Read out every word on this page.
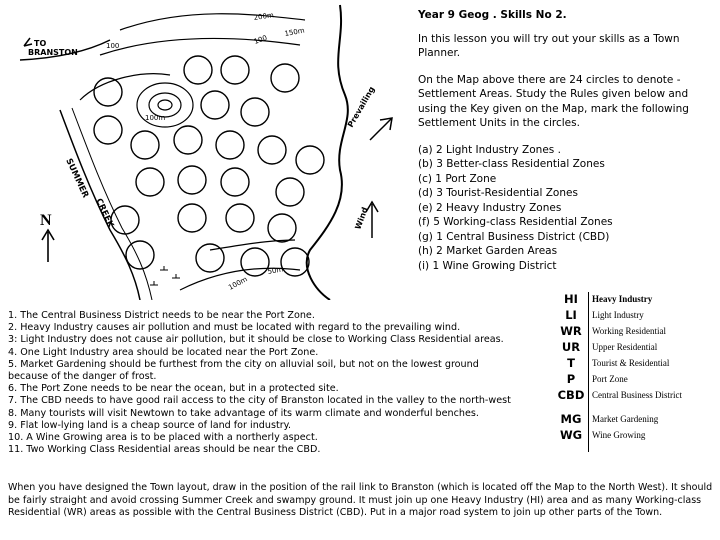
TO
BRANSTON
200m
150m
100
100
100m
100m
50m
Prevailing
Wind
SUMMER
CREEK
N
Year 9 Geog . Skills No 2.

In this lesson you will try out your skills as a Town Planner.

On the Map above there are 24 circles to denote -Settlement Areas. Study the Rules given below and using the Key given on the Map, mark the following Settlement Units in the circles.

(a) 2 Light Industry Zones .
(b) 3 Better-class Residential Zones
(c) 1 Port Zone
(d) 3 Tourist-Residential Zones
(e) 2 Heavy Industry Zones
(f) 5 Working-class Residential Zones
(g) 1 Central Business District (CBD)
(h) 2 Market Garden Areas
(i) 1 Wine Growing District
1. The Central Business District needs to be near the Port Zone.
2. Heavy Industry causes air pollution and must be located with regard to the prevailing wind.
3: Light Industry does not cause air pollution, but it should be close to Working Class Residential areas.
4. One Light Industry area should be located near the Port Zone.
5. Market Gardening should be furthest from the city on alluvial soil, but not on the lowest ground
because of the danger of frost.
6. The Port Zone needs to be near the ocean, but in a protected site.
7. The CBD needs to have good rail access to the city of Branston located in the valley to the north-west
8. Many tourists will visit Newtown to take advantage of its warm climate and wonderful benches.
9. Flat low-lying land is a cheap source of land for industry.
10. A Wine Growing area is to be placed with a northerly aspect.
11. Two Working Class Residential areas should be near the CBD.
HI	Heavy Industry
LI	Light Industry
WR	Working Residential
UR	Upper Residential
T	Tourist & Residential
P	Port Zone
CBD Central Business District
MG	Market Gardening
WG	Wine Growing
When you have designed the Town layout, draw in the position of the rail link to Branston (which is located off the Map to the North West). It should be fairly straight and avoid crossing Summer Creek and swampy ground. It must join up one Heavy Industry (HI) area and as many Working-class Residential (WR) areas as possible with the Central Business District (CBD). Put in a major road system to join up other parts of the Town.
